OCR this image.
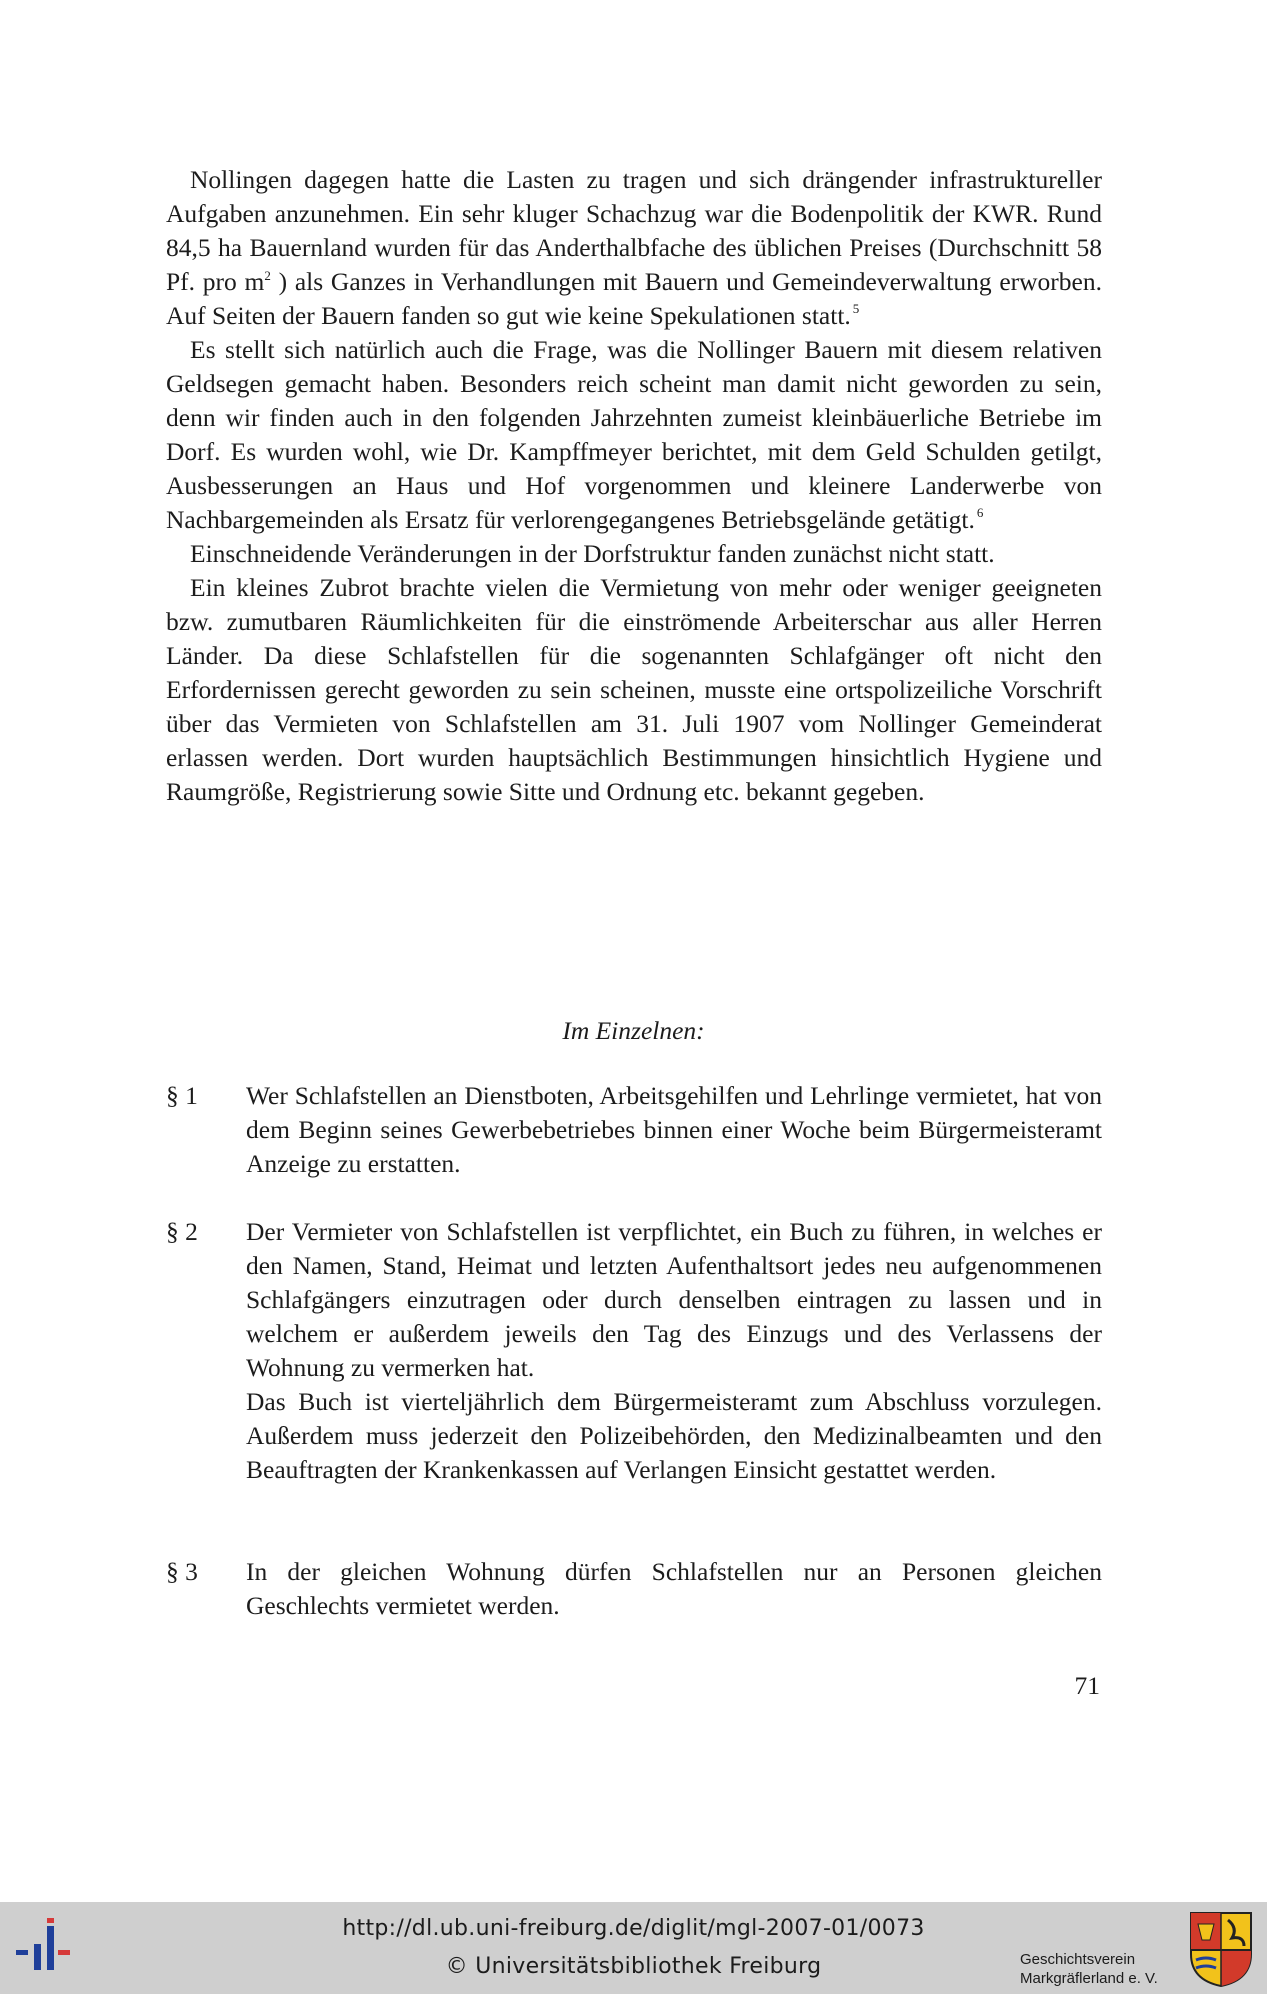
Nollingen dagegen hatte die Lasten zu tragen und sich drängender infrastruktureller Aufgaben anzunehmen. Ein sehr kluger Schachzug war die Bodenpolitik der KWR. Rund 84,5 ha Bauernland wurden für das Anderthalbfache des üblichen Preises (Durchschnitt 58 Pf. pro $m^2$ ) als Ganzes in Verhandlungen mit Bauern und Gemeindeverwaltung erworben. Auf Seiten der Bauern fanden so gut wie keine Spekulationen statt. $^5$

Es stellt sich natürlich auch die Frage, was die Nollinger Bauern mit diesem relativen Geldsegen gemacht haben. Besonders reich scheint man damit nicht geworden zu sein, denn wir finden auch in den folgenden Jahrzehnten zumeist kleinbäuerliche Betriebe im Dorf. Es wurden wohl, wie Dr. Kampffmeyer berichtet, mit dem Geld Schulden getilgt, Ausbesserungen an Haus und Hof vorgenommen und kleinere Landerwerbe von Nachbargemeinden als Ersatz für verlorengegangenes Betriebsgelände getätigt. $^6$

Einschneidende Veränderungen in der Dorfstruktur fanden zunächst nicht statt.

Ein kleines Zubrot brachte vielen die Vermietung von mehr oder weniger geeigneten bzw. zumutbaren Räumlichkeiten für die einströmende Arbeiterschar aus aller Herren Länder. Da diese Schlafstellen für die sogenannten Schlafgänger oft nicht den Erfordernissen gerecht geworden zu sein scheinen, musste eine ortspolizeiliche Vorschrift über das Vermieten von Schlafstellen am 31. Juli 1907 vom Nollinger Gemeinderat erlassen werden. Dort wurden hauptsächlich Bestimmungen hinsichtlich Hygiene und Raumgröße, Registrierung sowie Sitte und Ordnung etc. bekannt gegeben.

Im Einzelnen:
§ 1 Wer Schlafstellen an Dienstboten, Arbeitsgehilfen und Lehrlinge vermietet, hat von dem Beginn seines Gewerbebetriebes binnen einer Woche beim Bürgermeisteramt Anzeige zu erstatten.

§ 2 Der Vermieter von Schlafstellen ist verpflichtet, ein Buch zu führen, in welches er den Namen, Stand, Heimat und letzten Aufenthaltsort jedes neu aufgenommenen Schlafgängers einzutragen oder durch denselben eintragen zu lassen und in welchem er außerdem jeweils den Tag des Einzugs und des Verlassens der Wohnung zu vermerken hat.

Das Buch ist vierteljährlich dem Bürgermeisteramt zum Abschluss vorzulegen. Außerdem muss jederzeit den Polizeibehörden, den Medizinalbeamten und den Beauftragten der Krankenkassen auf Verlangen Einsicht gestattet werden.

§ 3 In der gleichen Wohnung dürfen Schlafstellen nur an Personen gleichen Geschlechts vermietet werden.

71
http://dl.ub.uni-freiburg.de/diglit/mgl-2007-01/0073
© Universitätsbibliothek Freiburg	Geschichtsverein
Markgräflerland e. V.
